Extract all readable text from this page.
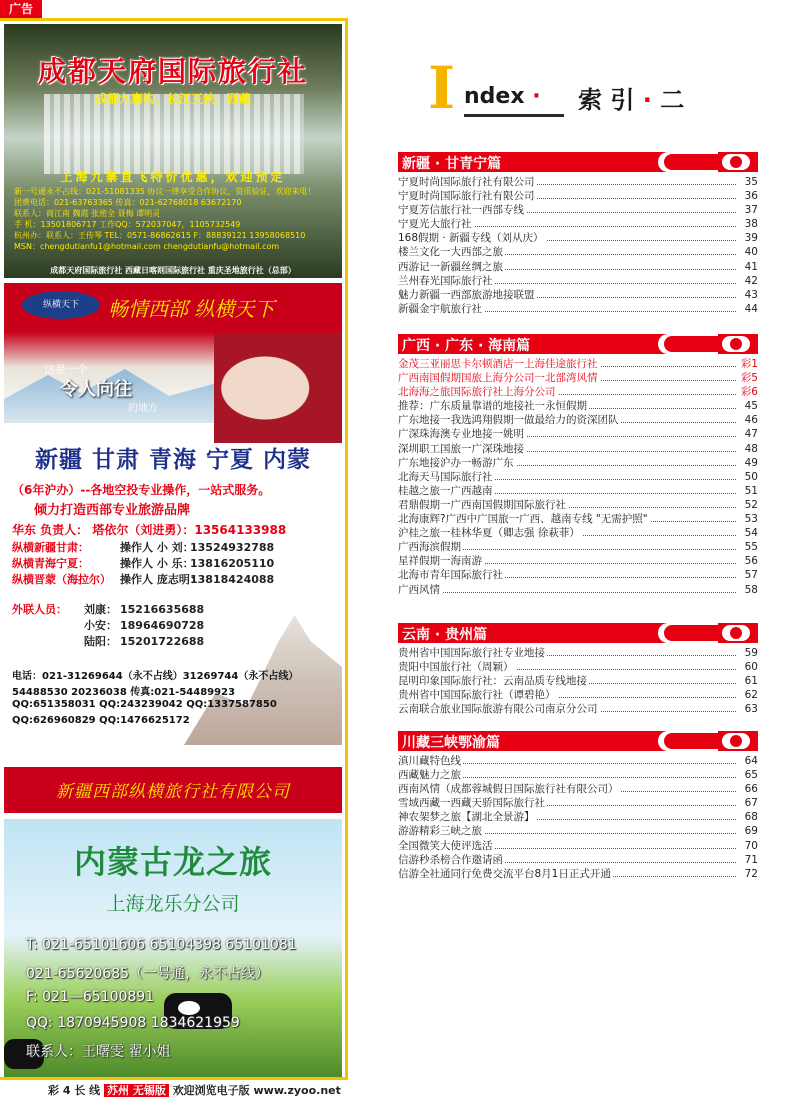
广告
成都天府国际旅行社
成都九寨沟、长江三峡、西藏
上海九寨直飞特价优惠，欢迎预定
新一号通永不占线：021-51081335 协议一律享受合作协议，资质验证，欢迎来电！
团费电话：021-63763365 传真：021-62768018 63672170
联系人：商江南 魏霞 张密全 聂梅 谭明灵
手 机：13501806717 工作QQ：572037047，1105732549
杭州办：联系人：王传琴 TEL：0571-86862615 F：88839121 13958068510
MSN：chengdutianfu1@hotmail.com chengdutianfu@hotmail.com
成都天府国际旅行社 西藏日喀则国际旅行社 重庆圣地旅行社（总部）
纵横天下	畅情西部 纵横天下
这是一个
令人向往
的地方
新疆 甘肃 青海 宁夏 内蒙
（6年沪办）--各地空投专业操作，一站式服务。
倾力打造西部专业旅游品牌
华东 负责人： 塔依尔（刘进勇）：13564133988
纵横新疆甘肃：	操作人 小 刘：13524932788
纵横青海宁夏：	操作人 小 乐：13816205110
纵横晋蒙（海拉尔） 操作人 庞志明：13818424088
外联人员： 刘康： 15216635688
小安： 18964690728
陆阳： 15201722688
电话：021-31269644（永不占线）31269744（永不占线）
54488530 20236038 传真:021-54489923
QQ:651358031 QQ:243239042 QQ:1337587850
QQ:626960829 QQ:1476625172
新疆西部纵横旅行社有限公司
内蒙古龙之旅
上海龙乐分公司
T: 021-65101606 65104398 65101081
021-65620685（一号通，永不占线）
F: 021—65100891
QQ: 1870945908 1834621959
联系人：王曙雯 翟小姐
I ndex · 索 引 · 二
新疆 · 甘青宁篇
宁夏时尚国际旅行社有限公司	35
宁夏时尚国际旅行社有限公司	36
宁夏芳信旅行社一西部专线	37
宁夏光大旅行社	38
168假期 · 新疆专线（刘从庆）	39
楼兰文化一大西部之旅	40
西游记一新疆丝绸之旅	41
兰州春光国际旅行社	42
魅力新疆一西部旅游地接联盟	43
新疆金宇航旅行社	44
广西 · 广东 · 海南篇
金茂三亚丽思卡尔顿酒店一上海佳途旅行社	彩1
广西南国假期国旅上海分公司一北部湾风情	彩5
北海海之旅国际旅行社上海分公司	彩6
推荐：广东质量靠谱的地接社一永恒假期	45
广东地接一我选鸿翔假期一做最给力的资深团队	46
广深珠海澳专业地接一姚明	47
深圳职工国旅一广深珠地接	48
广东地接沪办一畅游广东	49
北海天马国际旅行社	50
桂越之旅一广西越南	51
君鼎假期一广西南国假期国际旅行社	52
北海康辉?广西中广国旅一广西、越南专线 "无需护照"	53
沪桂之旅一桂林华夏（卿志强 徐萩菲）	54
广西海滨假期	55
星祥假期一海南游	56
北海市青年国际旅行社	57
广西风情	58
云南 · 贵州篇
贵州省中国国际旅行社专业地接	59
贵阳中国旅行社（周颖）	60
昆明印象国际旅行社：云南品质专线地接	61
贵州省中国国际旅行社（谭碧艳）	62
云南联合旅业国际旅游有限公司南京分公司	63
川藏三峡鄂渝篇
滇川藏特色线	64
西藏魅力之旅	65
西南风情（成都蓉城假日国际旅行社有限公司）	66
雪域西藏一西藏天骄国际旅行社	67
神农架梦之旅【湖北全景游】	68
游游精彩三峡之旅	69
全国微笑大使评选活	70
信游秒杀榜合作邀请函	71
信游全社通同行免费交流平台8月1日正式开通	72
彩 4 长 线 苏州 无锡版 欢迎浏览电子版 www.zyoo.net
